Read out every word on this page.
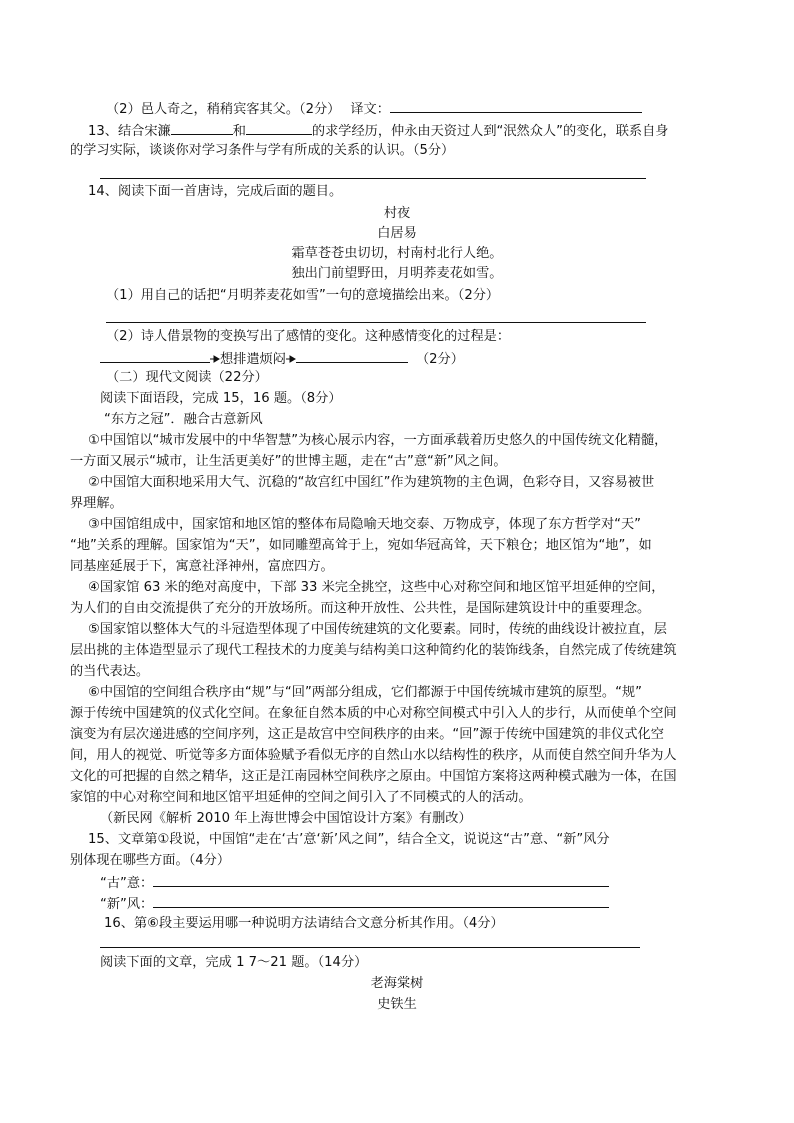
（2）邑人奇之，稍稍宾客其父。（2分） 译文：
13、结合宋濂	和	的求学经历，仲永由天资过人到“泯然众人”的变化，联系自身
的学习实际，谈谈你对学习条件与学有所成的关系的认识。（5分）
14、阅读下面一首唐诗，完成后面的题目。
村夜
白居易
霜草苍苍虫切切，村南村北行人绝。
独出门前望野田，月明荞麦花如雪。
（1）用自己的话把“月明荞麦花如雪”一句的意境描绘出来。（2分）
（2）诗人借景物的变换写出了感情的变化。这种感情变化的过程是：
想排遣烦闷	（2分）
（二）现代文阅读（22分）
阅读下面语段，完成 15，16 题。（8分）
“东方之冠”．融合古意新风
①中国馆以“城市发展中的中华智慧”为核心展示内容，一方面承载着历史悠久的中国传统文化精髓，
一方面又展示“城市，让生活更美好”的世博主题，走在“古”意“新”风之间。
②中国馆大面积地采用大气、沉稳的“故宫红中国红”作为建筑物的主色调，色彩夺目，又容易被世
界理解。
③中国馆组成中，国家馆和地区馆的整体布局隐喻天地交泰、万物成亨，体现了东方哲学对“天”
“地”关系的理解。国家馆为“天”，如同雕塑高耸于上，宛如华冠高耸，天下粮仓；地区馆为“地”，如
同基座延展于下，寓意社泽神州，富庶四方。
④国家馆 63 米的绝对高度中，下部 33 米完全挑空，这些中心对称空间和地区馆平坦延伸的空间，
为人们的自由交流提供了充分的开放场所。而这种开放性、公共性，是国际建筑设计中的重要理念。
⑤国家馆以整体大气的斗冠造型体现了中国传统建筑的文化要素。同时，传统的曲线设计被拉直，层
层出挑的主体造型显示了现代工程技术的力度美与结构美口这种简约化的装饰线条，自然完成了传统建筑
的当代表达。
⑥中国馆的空间组合秩序由“规”与“回”两部分组成，它们都源于中国传统城市建筑的原型。“规”
源于传统中国建筑的仪式化空间。在象征自然本质的中心对称空间模式中引入人的步行，从而使单个空间
演变为有层次递进感的空间序列，这正是故宫中空间秩序的由来。“回”源于传统中国建筑的非仪式化空
间，用人的视觉、听觉等多方面体验赋予看似无序的自然山水以结构性的秩序，从而使自然空间升华为人
文化的可把握的自然之精华，这正是江南园林空间秩序之原由。中国馆方案将这两种模式融为一体，在国
家馆的中心对称空间和地区馆平坦延伸的空间之间引入了不同模式的人的活动。
（新民网《解析 2010 年上海世博会中国馆设计方案》有删改）
15、文章第①段说，中国馆“走在‘古’意‘新’风之间”，结合全文，说说这“古”意、“新”风分
别体现在哪些方面。（4分）
“古”意：
“新”风：
16、第⑥段主要运用哪一种说明方法请结合文意分析其作用。（4分）
阅读下面的文章，完成 1 7～21 题。（14分）
老海棠树
史铁生
